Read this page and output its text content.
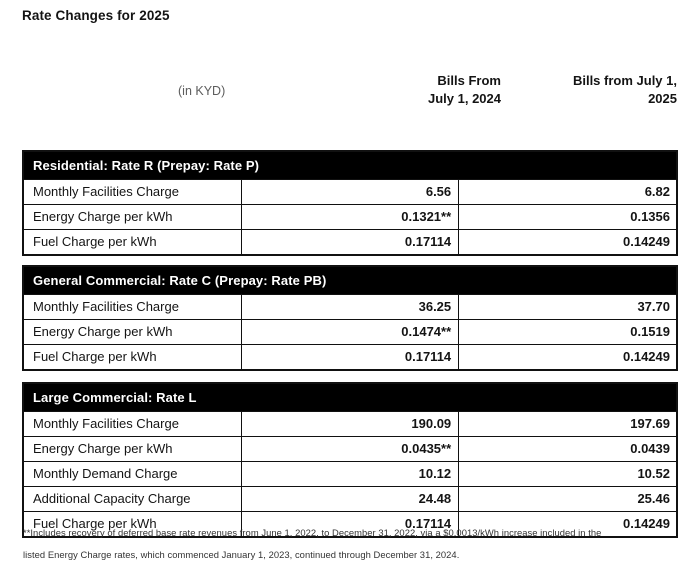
Rate Changes for 2025
(in KYD)
Bills From
July 1, 2024
Bills from July 1,
2025
Residential: Rate R (Prepay: Rate P)		
Monthly Facilities Charge	6.56	6.82
Energy Charge per kWh	0.1321**	0.1356
Fuel Charge per kWh	0.17114	0.14249
General Commercial: Rate C (Prepay: Rate PB)		
Monthly Facilities Charge	36.25	37.70
Energy Charge per kWh	0.1474**	0.1519
Fuel Charge per kWh	0.17114	0.14249
Large Commercial: Rate L		
Monthly Facilities Charge	190.09	197.69
Energy Charge per kWh	0.0435**	0.0439
Monthly Demand Charge	10.12	10.52
Additional Capacity Charge	24.48	25.46
Fuel Charge per kWh	0.17114	0.14249
**Includes recovery of deferred base rate revenues from June 1, 2022, to December 31, 2022, via a $0.0013/kWh increase included in the
listed Energy Charge rates, which commenced January 1, 2023, continued through December 31, 2024.
